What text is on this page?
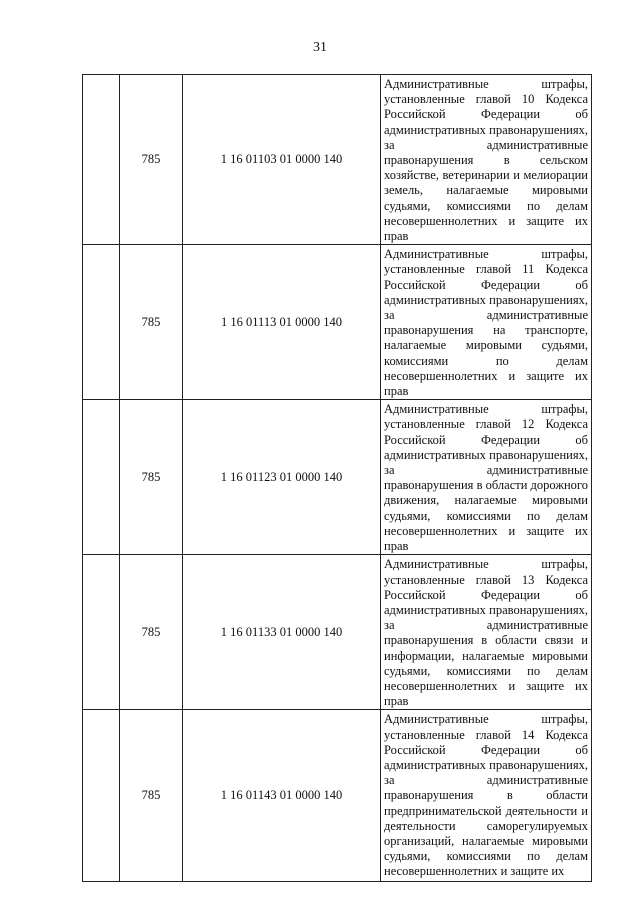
31
	785	1 16 01103 01 0000 140	Административные штрафы, установленные главой 10 Кодекса Российской Федерации об административных правонарушениях, за административные правонарушения в сельском хозяйстве, ветеринарии и мелиорации земель, налагаемые мировыми судьями, комиссиями по делам несовершеннолетних и защите их прав
	785	1 16 01113 01 0000 140	Административные штрафы, установленные главой 11 Кодекса Российской Федерации об административных правонарушениях, за административные правонарушения на транспорте, налагаемые мировыми судьями, комиссиями по делам несовершеннолетних и защите их прав
	785	1 16 01123 01 0000 140	Административные штрафы, установленные главой 12 Кодекса Российской Федерации об административных правонарушениях, за административные правонарушения в области дорожного движения, налагаемые мировыми судьями, комиссиями по делам несовершеннолетних и защите их прав
	785	1 16 01133 01 0000 140	Административные штрафы, установленные главой 13 Кодекса Российской Федерации об административных правонарушениях, за административные правонарушения в области связи и информации, налагаемые мировыми судьями, комиссиями по делам несовершеннолетних и защите их прав
	785	1 16 01143 01 0000 140	Административные штрафы, установленные главой 14 Кодекса Российской Федерации об административных правонарушениях, за административные правонарушения в области предпринимательской деятельности и деятельности саморегулируемых организаций, налагаемые мировыми судьями, комиссиями по делам несовершеннолетних и защите их
